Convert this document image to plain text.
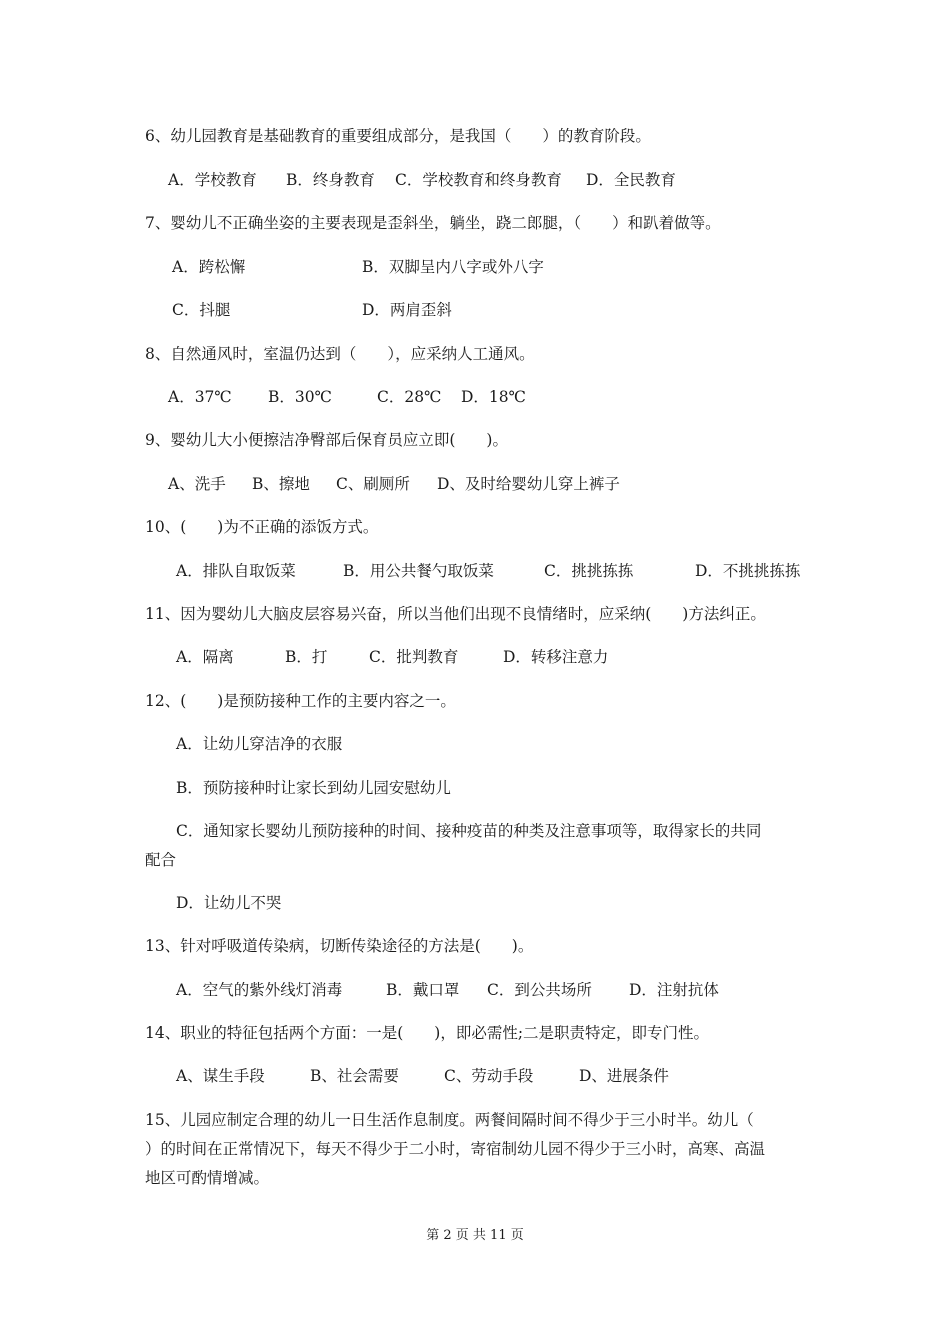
6、幼儿园教育是基础教育的重要组成部分，是我国（　　）的教育阶段。
A．学校教育 B．终身教育 C．学校教育和终身教育 D．全民教育
7、婴幼儿不正确坐姿的主要表现是歪斜坐，躺坐，跷二郎腿，（　　）和趴着做等。
A．跨松懈	B．双脚呈内八字或外八字
C．抖腿	D．两肩歪斜
8、自然通风时，室温仍达到（　　），应采纳人工通风。
A．37℃ B．30℃	C．28℃ D．18℃
9、婴幼儿大小便擦洁净臀部后保育员应立即(　　)。
A、洗手 B、擦地 C、刷厕所 D、及时给婴幼儿穿上裤子
10、(　　)为不正确的添饭方式。
A．排队自取饭菜	B．用公共餐勺取饭菜	C．挑挑拣拣	D．不挑挑拣拣
11、因为婴幼儿大脑皮层容易兴奋，所以当他们出现不良情绪时，应采纳(　　)方法纠正。
A．隔离	B．打	C．批判教育	D．转移注意力
12、(　　)是预防接种工作的主要内容之一。
A．让幼儿穿洁净的衣服
B．预防接种时让家长到幼儿园安慰幼儿
C．通知家长婴幼儿预防接种的时间、接种疫苗的种类及注意事项等，取得家长的共同
配合
D．让幼儿不哭
13、针对呼吸道传染病，切断传染途径的方法是(　　)。
A．空气的紫外线灯消毒	B．戴口罩 C．到公共场所 D．注射抗体
14、职业的特征包括两个方面：一是(　　)，即必需性;二是职责特定，即专门性。
A、谋生手段	B、社会需要	C、劳动手段	D、进展条件
15、儿园应制定合理的幼儿一日生活作息制度。两餐间隔时间不得少于三小时半。幼儿（
）的时间在正常情况下，每天不得少于二小时，寄宿制幼儿园不得少于三小时，高寒、高温
地区可酌情增减。
第 2 页 共 11 页
